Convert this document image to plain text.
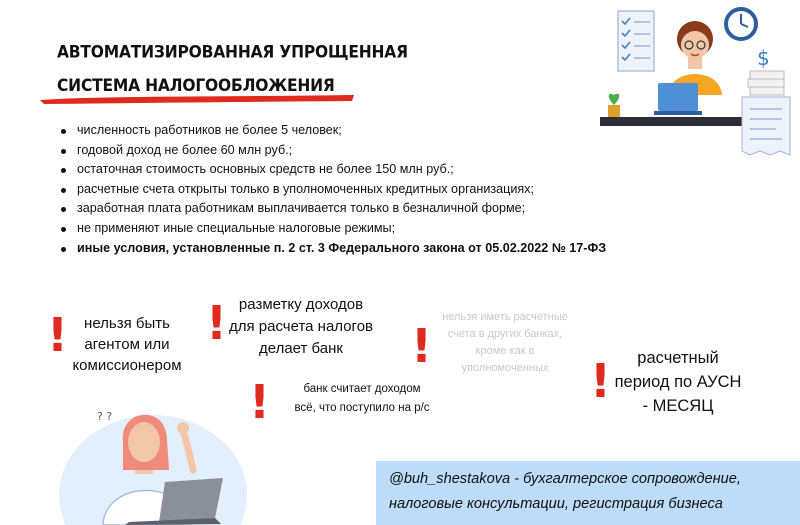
АВТОМАТИЗИРОВАННАЯ УПРОЩЕННАЯ
СИСТЕМА НАЛОГООБЛОЖЕНИЯ
численность работников не более 5 человек;
годовой доход не более 60 млн руб.;
остаточная стоимость основных средств не более 150 млн руб.;
расчетные счета открыты только в уполномоченных кредитных организациях;
заработная плата работникам выплачивается только в безналичной форме;
не применяют иные специальные налоговые режимы;
иные условия, установленные п. 2 ст. 3 Федерального закона от 05.02.2022 № 17-ФЗ
!	нельзя быть
агентом или
комиссионером
! разметку доходов
для расчета налогов
делает банк	!
нельзя иметь расчетные
счета в других банках,
кроме как в
уполномоченных
!	банк считает доходом
всё, что поступило на р/с	!	расчетный
период по АУСН
- МЕСЯЦ
$
? ?
@buh_shestakova - бухгалтерское сопровождение,
налоговые консультации, регистрация бизнеса
